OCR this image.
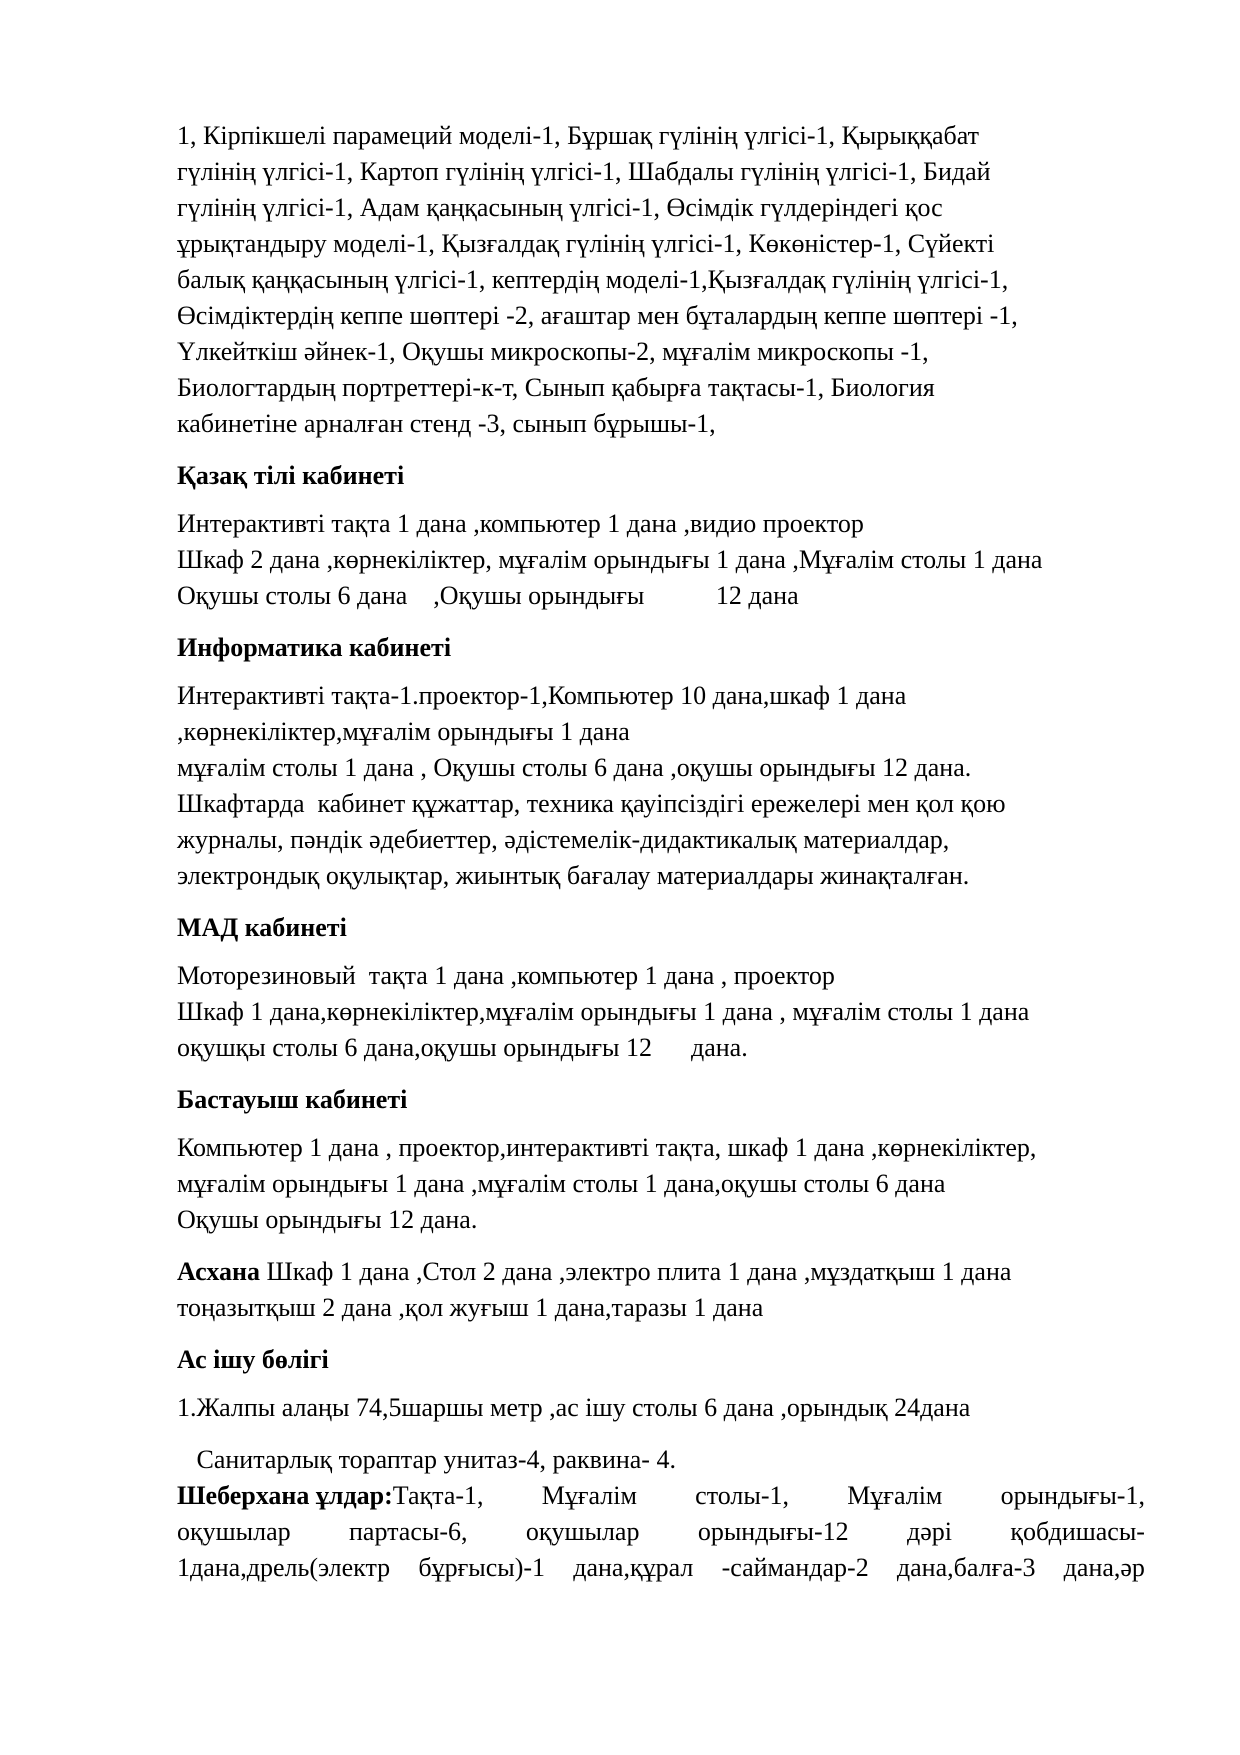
1, Кірпікшелі парамеций моделі-1, Бұршақ гүлінің үлгісі-1, Қырыққабат
гүлінің үлгісі-1, Картоп гүлінің үлгісі-1, Шабдалы гүлінің үлгісі-1, Бидай
гүлінің үлгісі-1, Адам қаңқасының үлгісі-1, Өсімдік гүлдеріндегі қос
ұрықтандыру моделі-1, Қызғалдақ гүлінің үлгісі-1, Көкөністер-1, Сүйекті
балық қаңқасының үлгісі-1, кептердің моделі-1,Қызғалдақ гүлінің үлгісі-1,
Өсімдіктердің кеппе шөптері -2, ағаштар мен бұталардың кеппе шөптері -1,
Үлкейткіш әйнек-1, Оқушы микроскопы-2, мұғалім микроскопы -1,
Биологтардың портреттері-к-т, Сынып қабырға тақтасы-1, Биология
кабинетіне арналған стенд -3, сынып бұрышы-1,
Қазақ тілі кабинеті
Интерактивті тақта 1 дана ,компьютер 1 дана ,видио проектор
Шкаф 2 дана ,көрнекіліктер, мұғалім орындығы 1 дана ,Мұғалім столы 1 дана
Оқушы столы 6 дана    ,Оқушы орындығы           12 дана
Информатика кабинеті
Интерактивті тақта-1.проектор-1,Компьютер 10 дана,шкаф 1 дана
,көрнекіліктер,мұғалім орындығы 1 дана
мұғалім столы 1 дана , Оқушы столы 6 дана ,оқушы орындығы 12 дана.
Шкафтарда  кабинет құжаттар, техника қауіпсіздігі ережелері мен қол қою
журналы, пәндік әдебиеттер, әдістемелік-дидактикалық материалдар,
электрондық оқулықтар, жиынтық бағалау материалдары жинақталған.
МАД кабинеті
Моторезиновый  тақта 1 дана ,компьютер 1 дана , проектор
Шкаф 1 дана,көрнекіліктер,мұғалім орындығы 1 дана , мұғалім столы 1 дана
оқушқы столы 6 дана,оқушы орындығы 12      дана.
Бастауыш кабинеті
Компьютер 1 дана , проектор,интерактивті тақта, шкаф 1 дана ,көрнекіліктер,
мұғалім орындығы 1 дана ,мұғалім столы 1 дана,оқушы столы 6 дана
Оқушы орындығы 12 дана.
Асхана Шкаф 1 дана ,Стол 2 дана ,электро плита 1 дана ,мұздатқыш 1 дана
тоңазытқыш 2 дана ,қол жуғыш 1 дана,таразы 1 дана
Ас ішу бөлігі
1.Жалпы алаңы 74,5шаршы метр ,ас ішу столы 6 дана ,орындық 24дана
Санитарлық тораптар унитаз-4, раквина- 4.
Шеберхана ұлдар:Тақта-1, Мұғалім столы-1, Мұғалім орындығы-1,
оқушылар партасы-6, оқушылар орындығы-12 дәрі қобдишасы-
1дана,дрель(электр бұрғысы)-1 дана,құрал -саймандар-2 дана,балға-3 дана,әр
